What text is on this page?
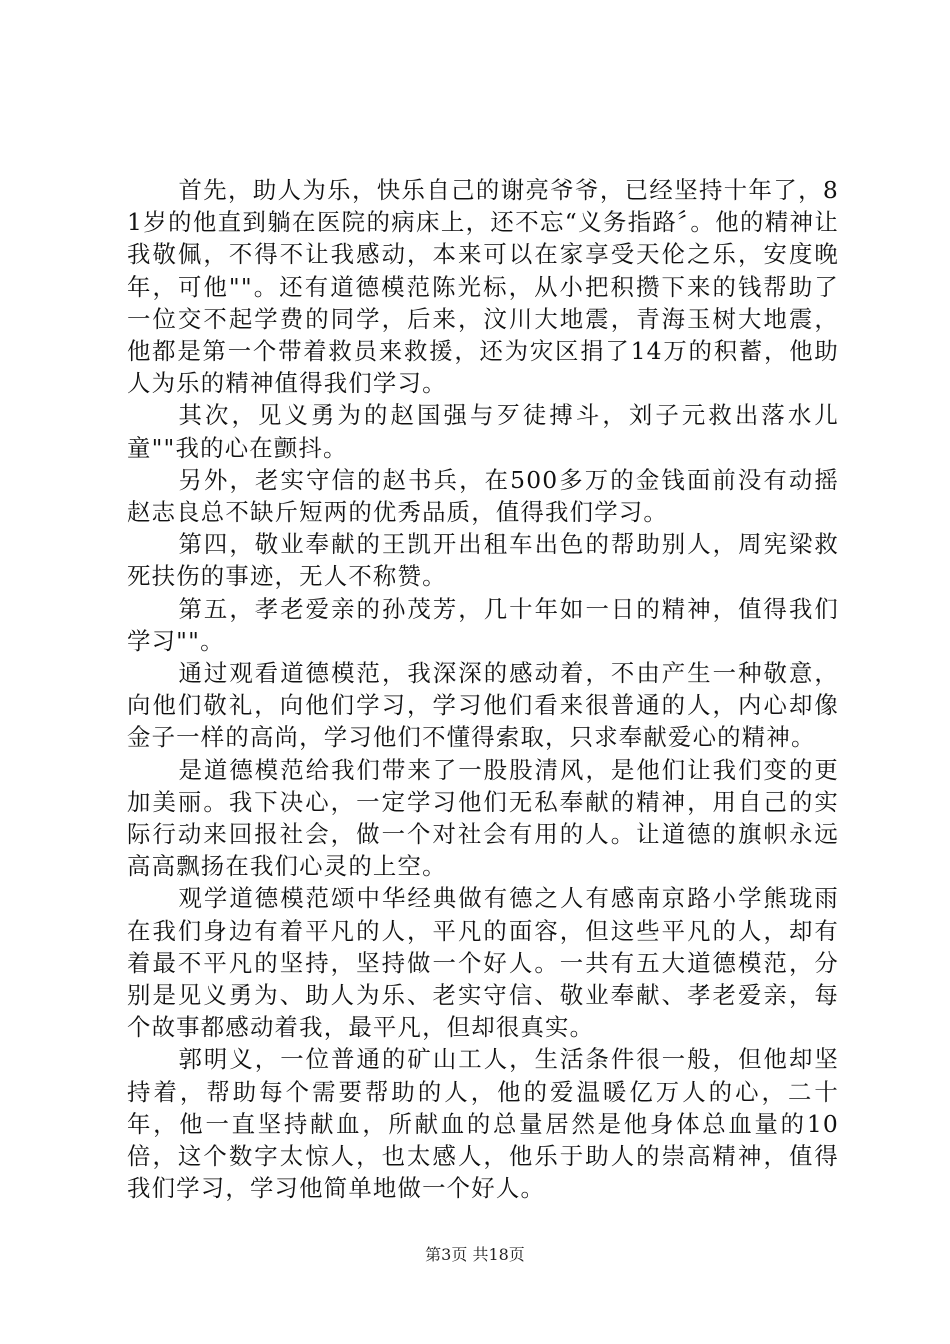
首先，助人为乐，快乐自己的谢亮爷爷，已经坚持十年了，81岁的他直到躺在医院的病床上，还不忘“义务指路〞。他的精神让我敬佩，不得不让我感动，本来可以在家享受天伦之乐，安度晚年，可他""。还有道德模范陈光标，从小把积攒下来的钱帮助了一位交不起学费的同学，后来，汶川大地震，青海玉树大地震，他都是第一个带着救员来救援，还为灾区捐了14万的积蓄，他助人为乐的精神值得我们学习。

其次，见义勇为的赵国强与歹徒搏斗，刘子元救出落水儿童""我的心在颤抖。

另外，老实守信的赵书兵，在500多万的金钱面前没有动摇赵志良总不缺斤短两的优秀品质，值得我们学习。

第四，敬业奉献的王凯开出租车出色的帮助别人，周宪梁救死扶伤的事迹，无人不称赞。

第五，孝老爱亲的孙茂芳，几十年如一日的精神，值得我们学习""。

通过观看道德模范，我深深的感动着，不由产生一种敬意，向他们敬礼，向他们学习，学习他们看来很普通的人，内心却像金子一样的高尚，学习他们不懂得索取，只求奉献爱心的精神。

是道德模范给我们带来了一股股清风，是他们让我们变的更加美丽。我下决心，一定学习他们无私奉献的精神，用自己的实际行动来回报社会，做一个对社会有用的人。让道德的旗帜永远高高飘扬在我们心灵的上空。

观学道德模范颂中华经典做有德之人有感南京路小学熊珑雨在我们身边有着平凡的人，平凡的面容，但这些平凡的人，却有着最不平凡的坚持，坚持做一个好人。一共有五大道德模范，分别是见义勇为、助人为乐、老实守信、敬业奉献、孝老爱亲，每个故事都感动着我，最平凡，但却很真实。

郭明义，一位普通的矿山工人，生活条件很一般，但他却坚持着，帮助每个需要帮助的人，他的爱温暖亿万人的心，二十年，他一直坚持献血，所献血的总量居然是他身体总血量的10倍，这个数字太惊人，也太感人，他乐于助人的崇高精神，值得我们学习，学习他简单地做一个好人。

第3页 共18页
